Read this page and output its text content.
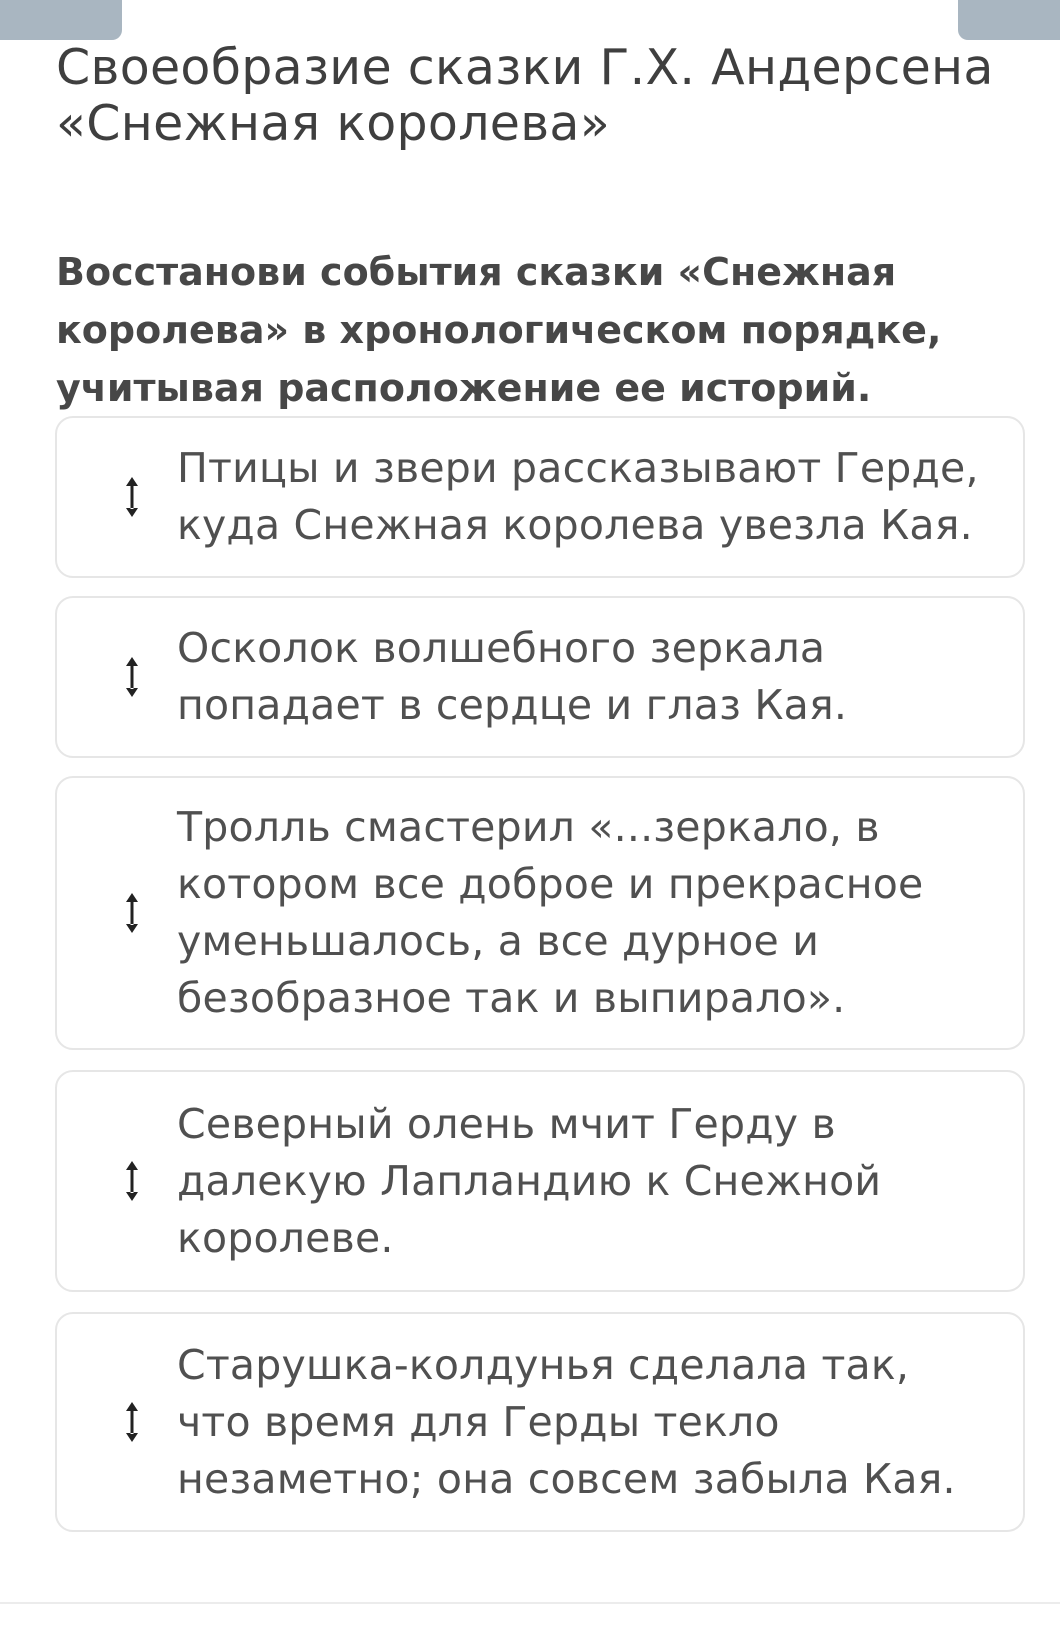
Своеобразие сказки Г.Х. Андерсена «Снежная королева»

Восстанови события сказки «Снежная королева» в хронологическом порядке, учитывая расположение ее историй.

Птицы и звери рассказывают Герде, куда Снежная королева увезла Кая.
Осколок волшебного зеркала попадает в сердце и глаз Кая.
Тролль смастерил «...зеркало, в котором все доброе и прекрасное уменьшалось, а все дурное и безобразное так и выпирало».
Северный олень мчит Герду в далекую Лапландию к Снежной королеве.
Старушка-колдунья сделала так, что время для Герды текло незаметно; она совсем забыла Кая.
